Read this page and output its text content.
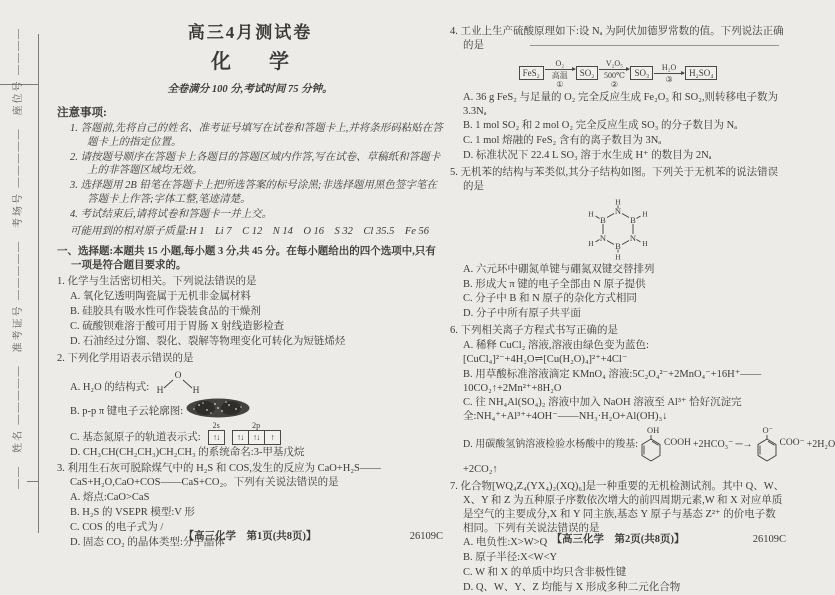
——　姓名 —————　准考证号 —————　考场号 —————　座位号 ————	高三4月测试卷
化　学
全卷满分 100 分,考试时间 75 分钟。
注意事项:
1. 答题前,先将自己的姓名、准考证号填写在试卷和答题卡上,并将条形码粘贴在答题卡上的指定位置。
2. 请按题号顺序在答题卡上各题目的答题区域内作答,写在试卷、草稿纸和答题卡上的非答题区域均无效。
3. 选择题用 2B 铅笔在答题卡上把所选答案的标号涂黑;非选择题用黑色签字笔在答题卡上作答;字体工整,笔迹清楚。
4. 考试结束后,请将试卷和答题卡一并上交。
可能用到的相对原子质量:H 1　Li 7　C 12　N 14　O 16　S 32　Cl 35.5　Fe 56
一、选择题:本题共 15 小题,每小题 3 分,共 45 分。在每小题给出的四个选项中,只有一项是符合题目要求的。
1. 化学与生活密切相关。下列说法错误的是
A. 氧化钇透明陶瓷属于无机非金属材料
B. 硅胶具有吸水性可作袋装食品的干燥剂
C. 硫酸钡难溶于酸可用于胃肠 X 射线造影检查
D. 石油经过分馏、裂化、裂解等物理变化可转化为短链烯烃
2. 下列化学用语表示错误的是
A. H₂O 的结构式:
O
H	H
B. p-p π 键电子云轮廓图:
C. 基态氮原子的轨道表示式:
2s
↑↓
2p
↑↓	↑↓	↑
D. CH₃CH(CH₂CH₃)CH₂CH₃ 的系统命名:3-甲基戊烷
3. 利用生石灰可脱除煤气中的 H₂S 和 COS,发生的反应为 CaO+H₂S——CaS+H₂O,CaO+COS——CaS+CO₂。下列有关说法错误的是
A. 熔点:CaO>CaS
B. H₂S 的 VSEPR 模型:V 形
C. COS 的电子式为 /
D. 固态 CO₂ 的晶体类型:分子晶体
4. 工业上生产硫酸原理如下:设 Nₐ 为阿伏加德罗常数的值。下列说法正确的是
FeS₂
O₂
高温
①
SO₂
V₂O₅
500℃
②
SO₃	H₂O
③
H₂SO₄
A. 36 g FeS₂ 与足量的 O₂ 完全反应生成 Fe₂O₃ 和 SO₂,则转移电子数为 3.3Nₐ
B. 1 mol SO₂ 和 2 mol O₂ 完全反应生成 SO₃ 的分子数目为 Nₐ
C. 1 mol 熔融的 FeS₂ 含有的离子数目为 3Nₐ
D. 标准状况下 22.4 L SO₃ 溶于水生成 H⁺ 的数目为 2Nₐ
5. 无机苯的结构与苯类似,其分子结构如图。下列关于无机苯的说法错误的是
N
B
N
B
N
B
H
H
H
H
H
H
A. 六元环中硼氮单键与硼氮双键交替排列
B. 形成大 π 键的电子全部由 N 原子提供
C. 分子中 B 和 N 原子的杂化方式相同
D. 分子中所有原子共平面
6. 下列相关离子方程式书写正确的是
A. 稀释 CuCl₂ 溶液,溶液由绿色变为蓝色:[CuCl₄]²⁻+4H₂O⇌[Cu(H₂O)₄]²⁺+4Cl⁻
B. 用草酸标准溶液滴定 KMnO₄ 溶液:5C₂O₄²⁻+2MnO₄⁻+16H⁺——10CO₂↑+2Mn²⁺+8H₂O
C. 往 NH₄Al(SO₄)₂ 溶液中加入 NaOH 溶液至 Al³⁺ 恰好沉淀完全:NH₄⁺+Al³⁺+4OH⁻——NH₃·H₂O+Al(OH)₃↓
D. 用碳酸氢钠溶液检验水杨酸中的羧基:
OH
COOH +2HCO₃⁻ ─→
O⁻
COO⁻ +2H₂O
+2CO₂↑
7. 化合物[WQ₄Z₄(YX₄)₂(XQ)₆]是一种重要的无机检测试剂。其中 Q、W、X、Y 和 Z 为五种原子序数依次增大的前四周期元素,W 和 X 对应单质是空气的主要成分,X 和 Y 同主族,基态 Y 原子与基态 Z²⁺ 的价电子数相同。下列有关说法错误的是
A. 电负性:X>W>Q
B. 原子半径:X<W<Y
C. W 和 X 的单质中均只含非极性键
D. Q、W、Y、Z 均能与 X 形成多种二元化合物
【高三化学　第1页(共8页)】	26109C	【高三化学　第2页(共8页)】	26109C
